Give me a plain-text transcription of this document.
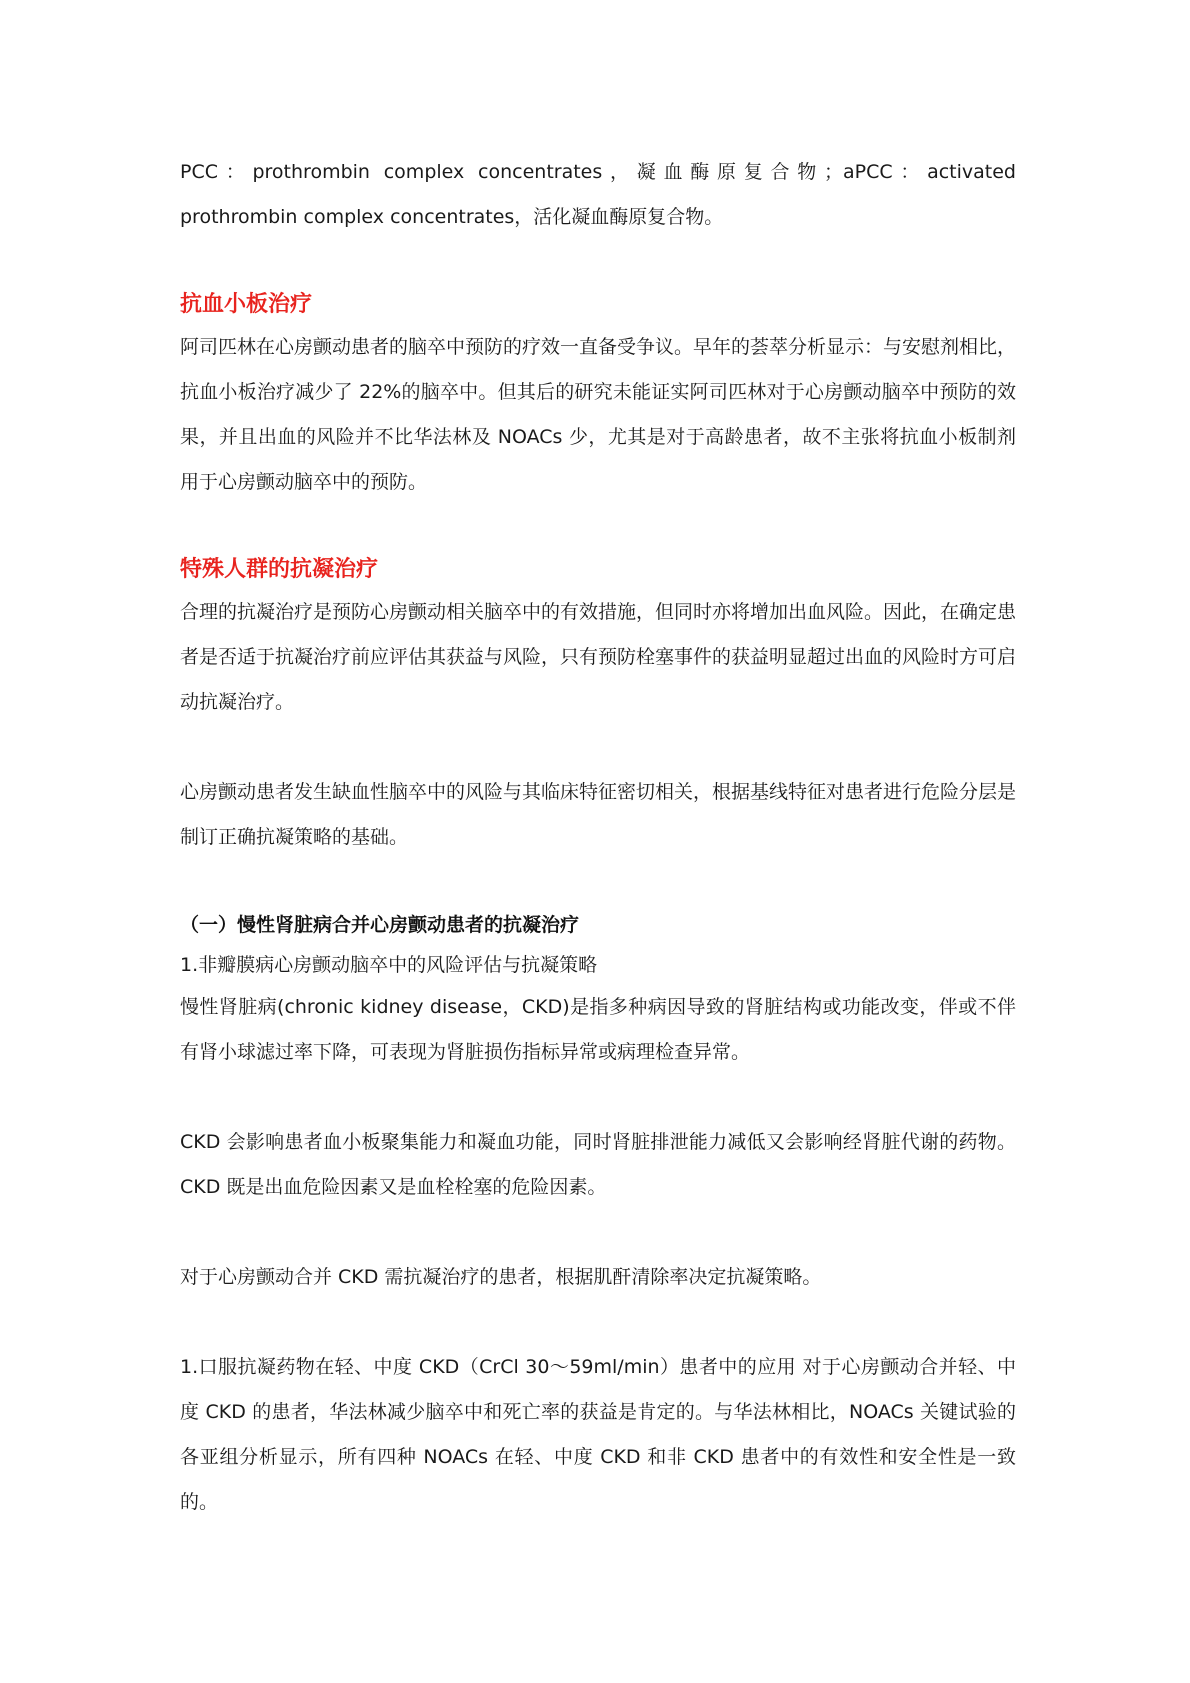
PCC：prothrombin complex concentrates，凝血酶原复合物；aPCC：activated prothrombin complex concentrates，活化凝血酶原复合物。

抗血小板治疗

阿司匹林在心房颤动患者的脑卒中预防的疗效一直备受争议。早年的荟萃分析显示：与安慰剂相比，抗血小板治疗减少了 22%的脑卒中。但其后的研究未能证实阿司匹林对于心房颤动脑卒中预防的效果，并且出血的风险并不比华法林及 NOACs 少，尤其是对于高龄患者，故不主张将抗血小板制剂用于心房颤动脑卒中的预防。

特殊人群的抗凝治疗

合理的抗凝治疗是预防心房颤动相关脑卒中的有效措施，但同时亦将增加出血风险。因此，在确定患者是否适于抗凝治疗前应评估其获益与风险，只有预防栓塞事件的获益明显超过出血的风险时方可启动抗凝治疗。

心房颤动患者发生缺血性脑卒中的风险与其临床特征密切相关，根据基线特征对患者进行危险分层是制订正确抗凝策略的基础。

（一）慢性肾脏病合并心房颤动患者的抗凝治疗

1.非瓣膜病心房颤动脑卒中的风险评估与抗凝策略

慢性肾脏病(chronic kidney disease，CKD)是指多种病因导致的肾脏结构或功能改变，伴或不伴有肾小球滤过率下降，可表现为肾脏损伤指标异常或病理检查异常。

CKD 会影响患者血小板聚集能力和凝血功能，同时肾脏排泄能力减低又会影响经肾脏代谢的药物。CKD 既是出血危险因素又是血栓栓塞的危险因素。

对于心房颤动合并 CKD 需抗凝治疗的患者，根据肌酐清除率决定抗凝策略。

1.口服抗凝药物在轻、中度 CKD（CrCl 30～59ml/min）患者中的应用 对于心房颤动合并轻、中度 CKD 的患者，华法林减少脑卒中和死亡率的获益是肯定的。与华法林相比，NOACs 关键试验的各亚组分析显示，所有四种 NOACs 在轻、中度 CKD 和非 CKD 患者中的有效性和安全性是一致的。
